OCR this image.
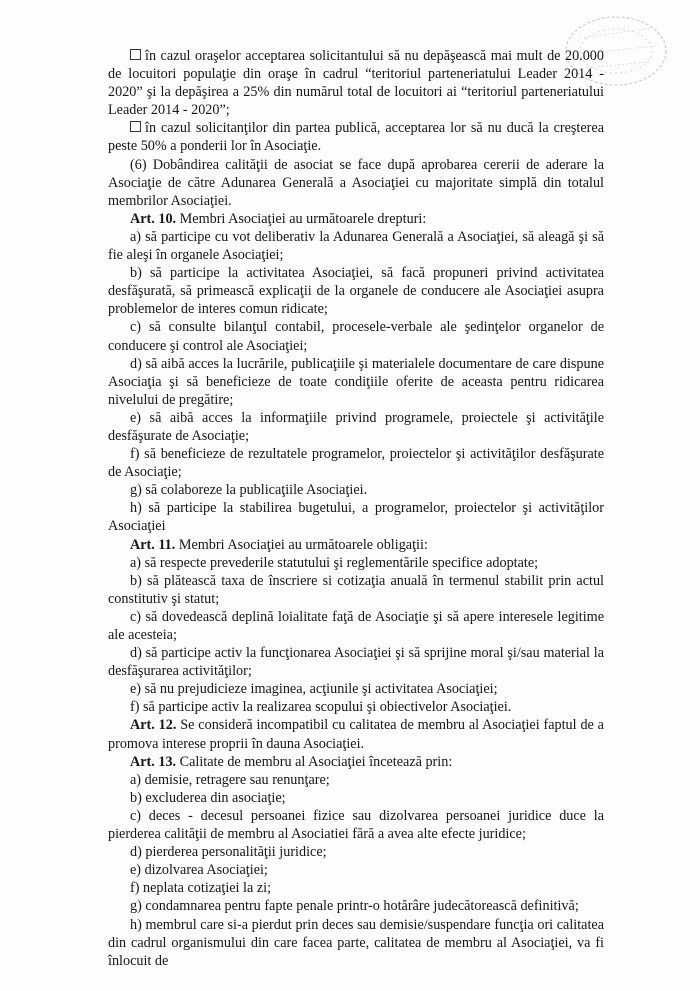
în cazul oraşelor acceptarea solicitantului să nu depăşească mai mult de 20.000 de locuitori populaţie din oraşe în cadrul “teritoriul parteneriatului Leader 2014 - 2020” şi la depăşirea a 25% din numărul total de locuitori ai “teritoriul parteneriatului Leader 2014 - 2020”;

în cazul solicitanţilor din partea publică, acceptarea lor să nu ducă la creşterea peste 50% a ponderii lor în Asociaţie.

(6) Dobândirea calităţii de asociat se face după aprobarea cererii de aderare la Asociaţie de către Adunarea Generală a Asociaţiei cu majoritate simplă din totalul membrilor Asociaţiei.

Art. 10. Membri Asociaţiei au următoarele drepturi:

a) să participe cu vot deliberativ la Adunarea Generală a Asociaţiei, să aleagă şi să fie aleşi în organele Asociaţiei;

b) să participe la activitatea Asociaţiei, să facă propuneri privind activitatea desfăşurată, să primească explicaţii de la organele de conducere ale Asociaţiei asupra problemelor de interes comun ridicate;

c) să consulte bilanţul contabil, procesele-verbale ale şedinţelor organelor de conducere şi control ale Asociaţiei;

d) să aibă acces la lucrările, publicaţiile şi materialele documentare de care dispune Asociaţia şi să beneficieze de toate condiţiile oferite de aceasta pentru ridicarea nivelului de pregătire;

e) să aibă acces la informaţiile privind programele, proiectele şi activităţile desfăşurate de Asociaţie;

f) să beneficieze de rezultatele programelor, proiectelor şi activităţilor desfăşurate de Asociaţie;

g) să colaboreze la publicaţiile Asociaţiei.

h) să participe la stabilirea bugetului, a programelor, proiectelor şi activităţilor Asociaţiei

Art. 11. Membri Asociaţiei au următoarele obligaţii:

a) să respecte prevederile statutului şi reglementările specifice adoptate;

b) să plătească taxa de înscriere si cotizaţia anuală în termenul stabilit prin actul constitutiv şi statut;

c) să dovedească deplină loialitate faţă de Asociaţie şi să apere interesele legitime ale acesteia;

d) să participe activ la funcţionarea Asociaţiei şi să sprijine moral şi/sau material la desfăşurarea activităţilor;

e) să nu prejudicieze imaginea, acţiunile şi activitatea Asociaţiei;

f) să participe activ la realizarea scopului şi obiectivelor Asociaţiei.

Art. 12. Se consideră incompatibil cu calitatea de membru al Asociaţiei faptul de a promova interese proprii în dauna Asociaţiei.

Art. 13. Calitate de membru al Asociaţiei încetează prin:

a) demisie, retragere sau renunţare;

b) excluderea din asociaţie;

c) deces - decesul persoanei fizice sau dizolvarea persoanei juridice duce la pierderea calităţii de membru al Asociatiei fără a avea alte efecte juridice;

d) pierderea personalităţii juridice;

e) dizolvarea Asociaţiei;

f) neplata cotizaţiei la zi;

g) condamnarea pentru fapte penale printr-o hotărâre judecătorească definitivă;

h) membrul care si-a pierdut prin deces sau demisie/suspendare funcţia ori calitatea din cadrul organismului din care facea parte, calitatea de membru al Asociaţiei, va fi înlocuit de
